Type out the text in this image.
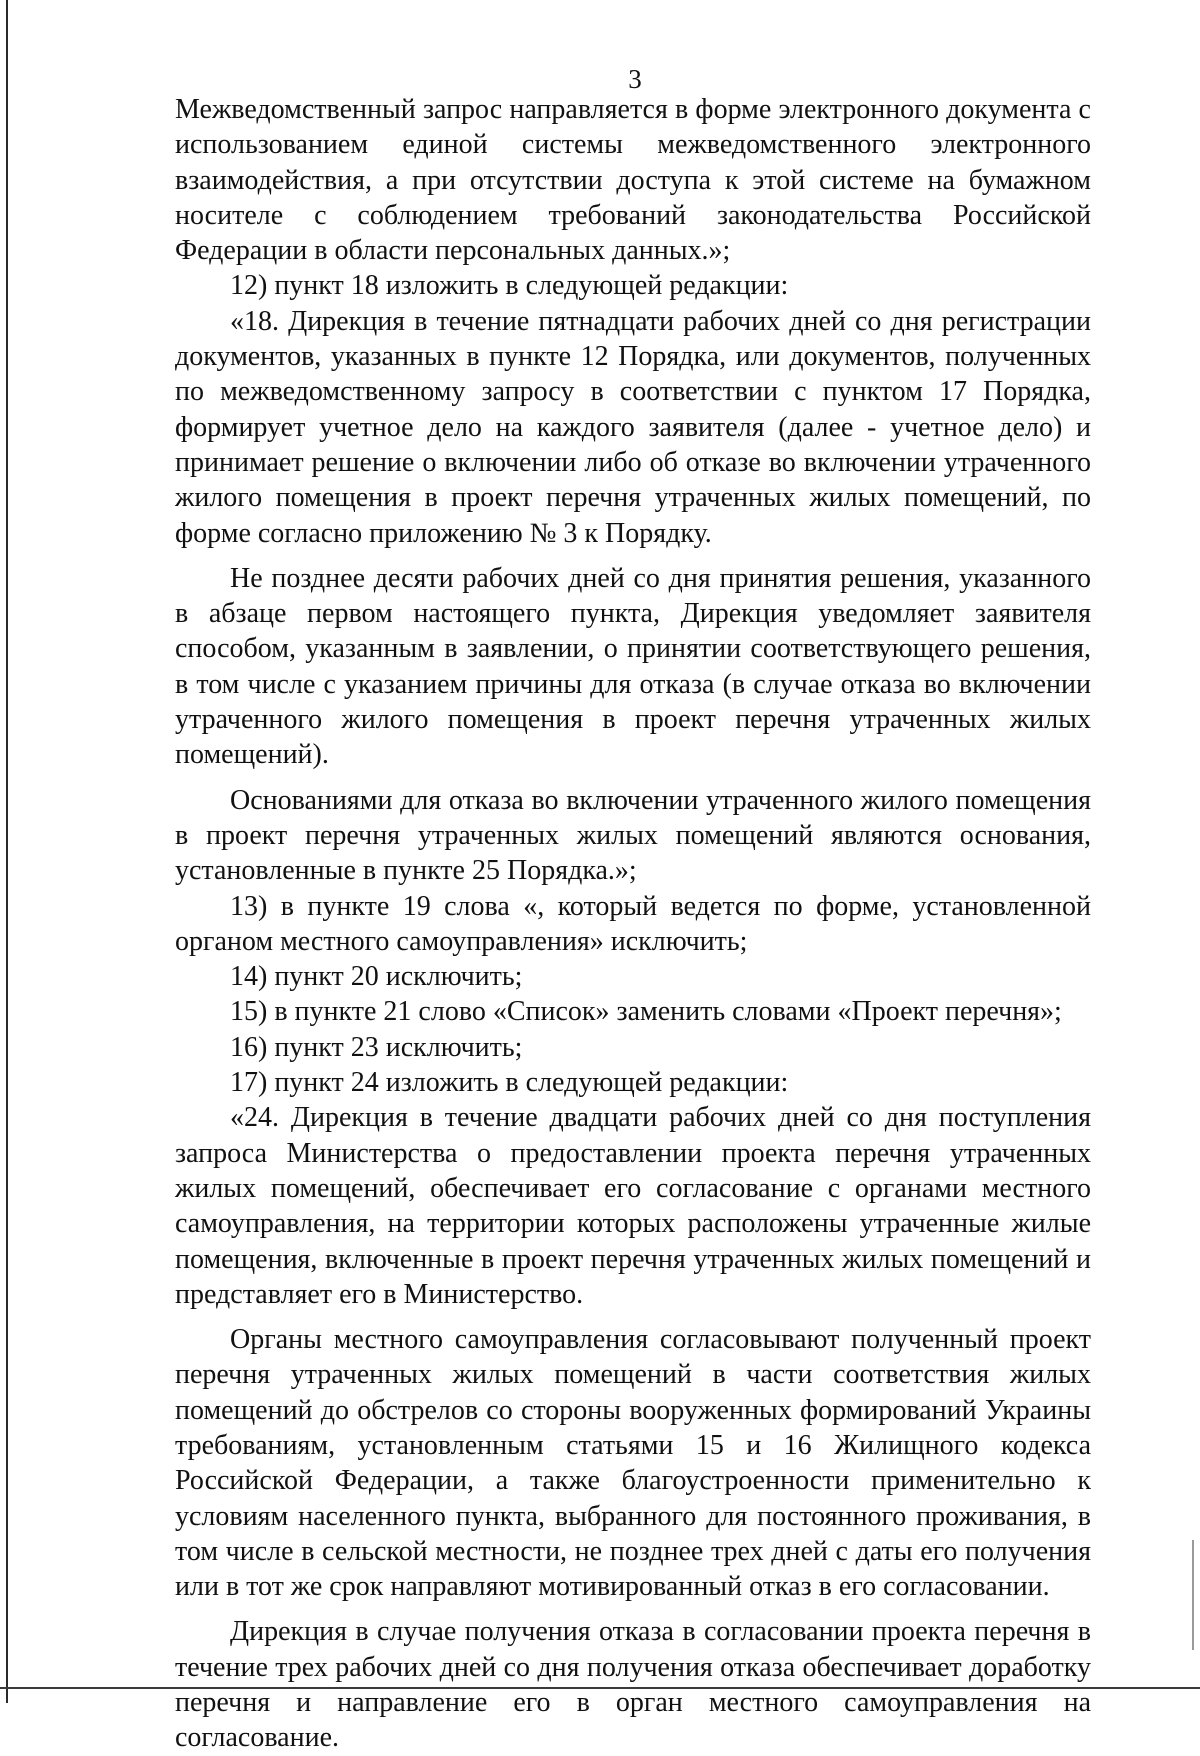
3

Межведомственный запрос направляется в форме электронного документа с использованием единой системы межведомственного электронного взаимодействия, а при отсутствии доступа к этой системе на бумажном носителе с соблюдением требований законодательства Российской Федерации в области персональных данных.»;

12) пункт 18 изложить в следующей редакции:

«18. Дирекция в течение пятнадцати рабочих дней со дня регистрации документов, указанных в пункте 12 Порядка, или документов, полученных по межведомственному запросу в соответствии с пунктом 17 Порядка, формирует учетное дело на каждого заявителя (далее - учетное дело) и принимает решение о включении либо об отказе во включении утраченного жилого помещения в проект перечня утраченных жилых помещений, по форме согласно приложению № 3 к Порядку.

Не позднее десяти рабочих дней со дня принятия решения, указанного в абзаце первом настоящего пункта, Дирекция уведомляет заявителя способом, указанным в заявлении, о принятии соответствующего решения, в том числе с указанием причины для отказа (в случае отказа во включении утраченного жилого помещения в проект перечня утраченных жилых помещений).

Основаниями для отказа во включении утраченного жилого помещения в проект перечня утраченных жилых помещений являются основания, установленные в пункте 25 Порядка.»;

13) в пункте 19 слова «, который ведется по форме, установленной органом местного самоуправления» исключить;

14) пункт 20 исключить;

15) в пункте 21 слово «Список» заменить словами «Проект перечня»;

16) пункт 23 исключить;

17) пункт 24 изложить в следующей редакции:

«24. Дирекция в течение двадцати рабочих дней со дня поступления запроса Министерства о предоставлении проекта перечня утраченных жилых помещений, обеспечивает его согласование с органами местного самоуправления, на территории которых расположены утраченные жилые помещения, включенные в проект перечня утраченных жилых помещений и представляет его в Министерство.

Органы местного самоуправления согласовывают полученный проект перечня утраченных жилых помещений в части соответствия жилых помещений до обстрелов со стороны вооруженных формирований Украины требованиям, установленным статьями 15 и 16 Жилищного кодекса Российской Федерации, а также благоустроенности применительно к условиям населенного пункта, выбранного для постоянного проживания, в том числе в сельской местности, не позднее трех дней с даты его получения или в тот же срок направляют мотивированный отказ в его согласовании.

Дирекция в случае получения отказа в согласовании проекта перечня в течение трех рабочих дней со дня получения отказа обеспечивает доработку перечня и направление его в орган местного самоуправления на согласование.
